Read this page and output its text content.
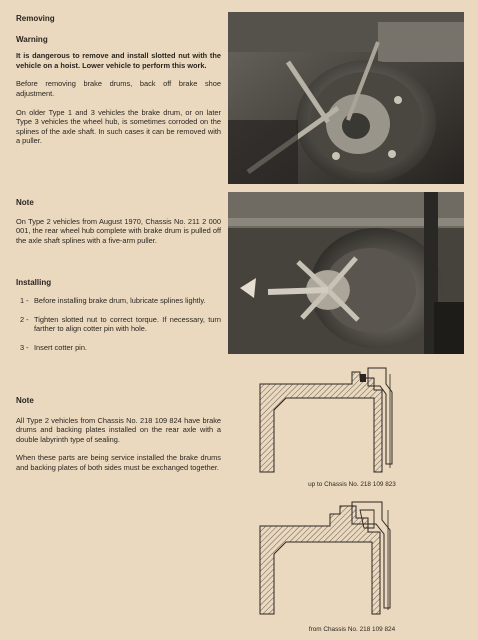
Removing

Warning

It is dangerous to remove and install slotted nut with the vehicle on a hoist. Lower vehicle to perform this work.

Before removing brake drums, back off brake shoe adjustment.

On older Type 1 and 3 vehicles the brake drum, or on later Type 3 vehicles the wheel hub, is sometimes corroded on the splines of the axle shaft. In such cases it can be removed with a puller.

Note

On Type 2 vehicles from August 1970, Chassis No. 211 2 000 001, the rear wheel hub complete with brake drum is pulled off the axle shaft splines with a five-arm puller.

Installing

1 - Before installing brake drum, lubricate splines lightly.
2 - Tighten slotted nut to correct torque. If necessary, turn farther to align cotter pin with hole.
3 - Insert cotter pin.

Note

All Type 2 vehicles from Chassis No. 218 109 824 have brake drums and backing plates installed on the rear axle with a double labyrinth type of sealing.

When these parts are being service installed the brake drums and backing plates of both sides must be exchanged together.

up to Chassis No. 218 109 823
from Chassis No. 218 109 824
